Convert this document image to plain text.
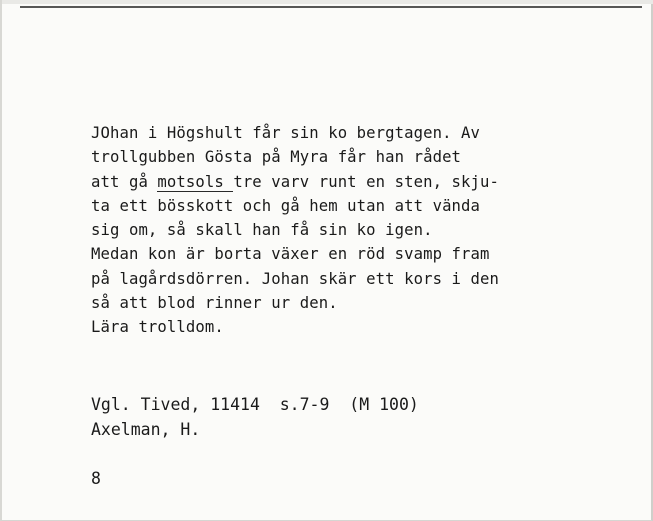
JOhan i Högshult får sin ko bergtagen. Av
trollgubben Gösta på Myra får han rådet
att gå motsols tre varv runt en sten, skju-
ta ett bösskott och gå hem utan att vända
sig om, så skall han få sin ko igen.
Medan kon är borta växer en röd svamp fram
på lagårdsdörren. Johan skär ett kors i den
så att blod rinner ur den.
Lära trolldom.
Vgl. Tived, 11414  s.7-9  (M 100)
Axelman, H.
8
